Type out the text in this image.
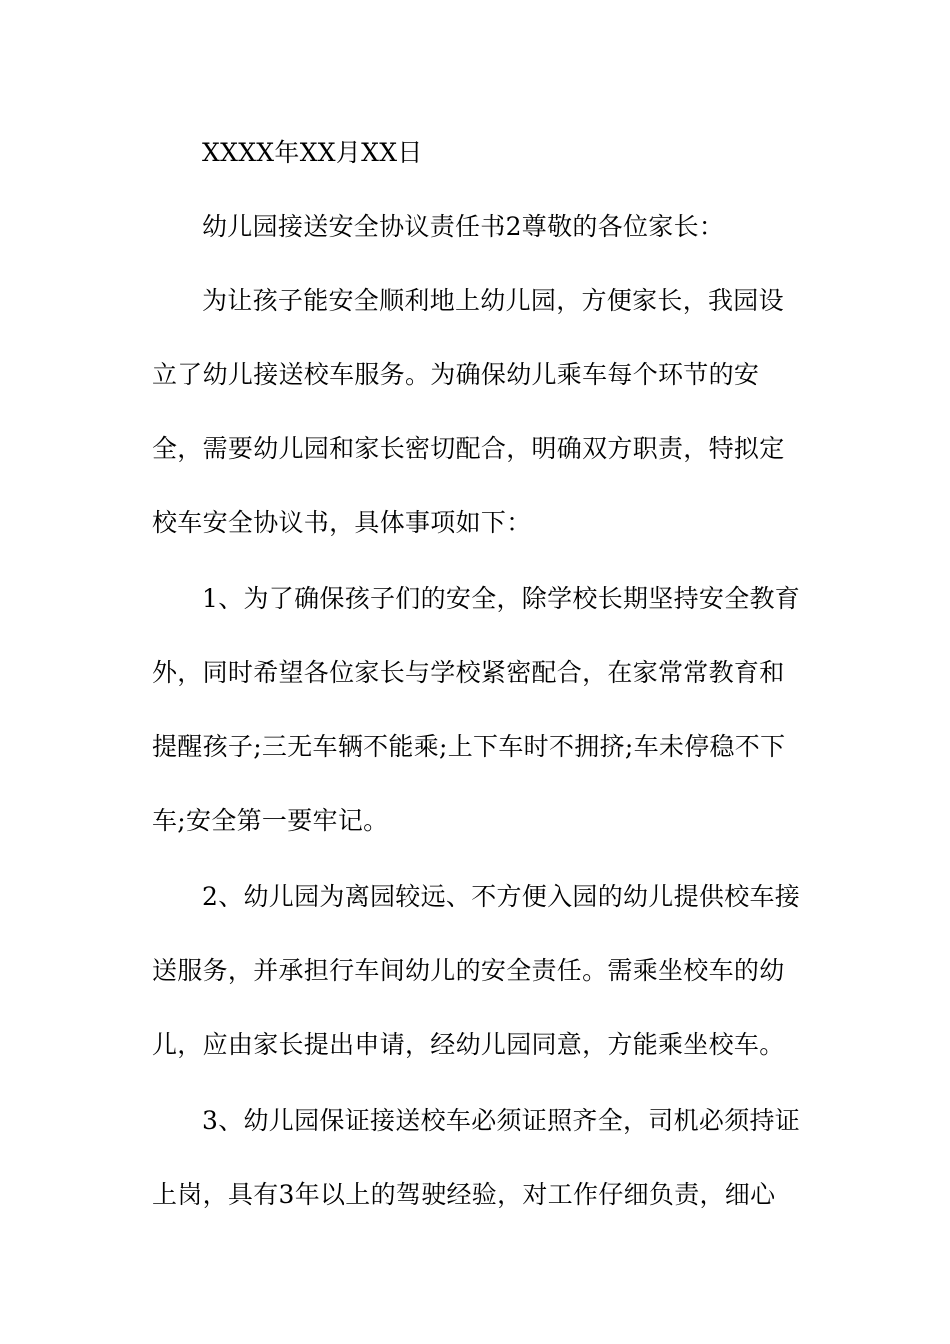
XXXX年XX月XX日
幼儿园接送安全协议责任书2尊敬的各位家长：
为让孩子能安全顺利地上幼儿园，方便家长，我园设
立了幼儿接送校车服务。为确保幼儿乘车每个环节的安
全，需要幼儿园和家长密切配合，明确双方职责，特拟定
校车安全协议书，具体事项如下：
1、为了确保孩子们的安全，除学校长期坚持安全教育
外，同时希望各位家长与学校紧密配合，在家常常教育和
提醒孩子;三无车辆不能乘;上下车时不拥挤;车未停稳不下
车;安全第一要牢记。
2、幼儿园为离园较远、不方便入园的幼儿提供校车接
送服务，并承担行车间幼儿的安全责任。需乘坐校车的幼
儿，应由家长提出申请，经幼儿园同意，方能乘坐校车。
3、幼儿园保证接送校车必须证照齐全，司机必须持证
上岗，具有3年以上的驾驶经验，对工作仔细负责，细心
